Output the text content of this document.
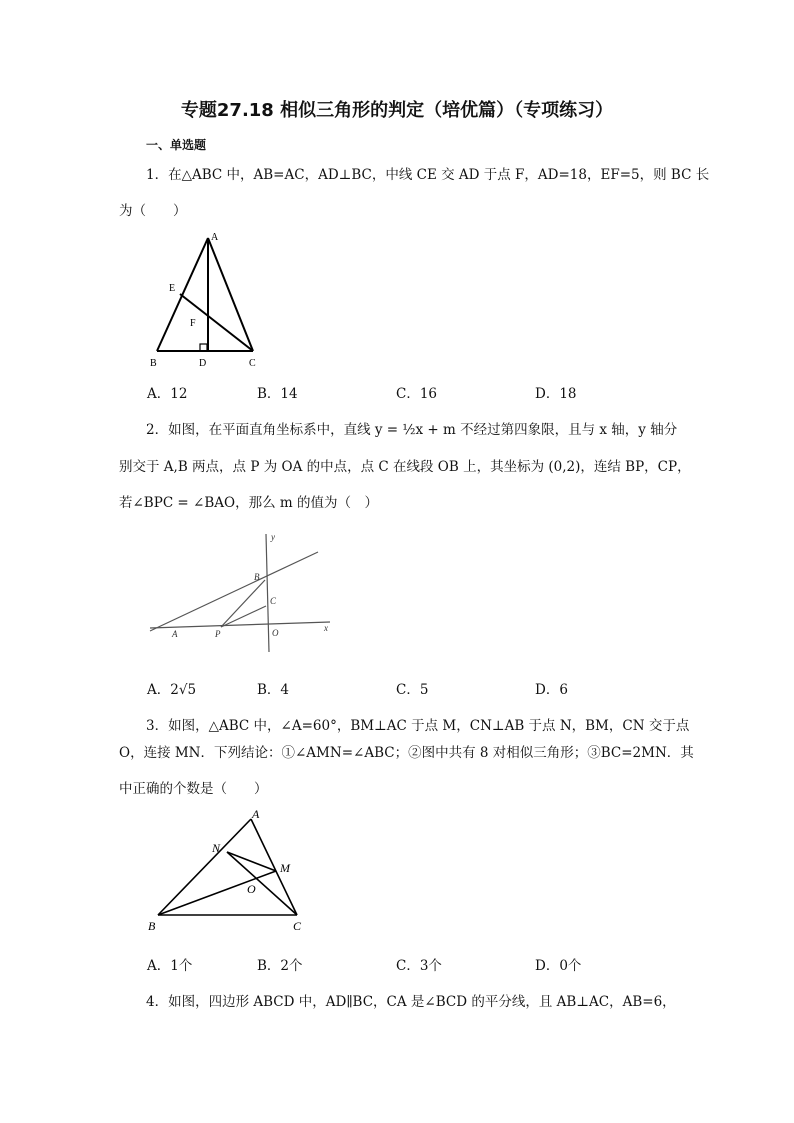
专题27.18 相似三角形的判定（培优篇）（专项练习）
一、单选题
1．在△ABC 中，AB=AC，AD⊥BC，中线 CE 交 AD 于点 F，AD=18，EF=5，则 BC 长
为（　　）
A
E
F
B	D	C
A．12	B．14	C．16	D．18
2．如图，在平面直角坐标系中，直线 y = ½x + m 不经过第四象限，且与 x 轴，y 轴分
别交于 A,B 两点，点 P 为 OA 的中点，点 C 在线段 OB 上，其坐标为 (0,2)，连结 BP，CP，
若∠BPC = ∠BAO，那么 m 的值为（　）
y
B
C
A	P	O	x
A．2√5	B．4	C．5	D．6
3．如图，△ABC 中，∠A=60°，BM⊥AC 于点 M，CN⊥AB 于点 N，BM，CN 交于点
O，连接 MN．下列结论：①∠AMN=∠ABC；②图中共有 8 对相似三角形；③BC=2MN．其
中正确的个数是（　　）
A
N
M
O
B	C
A．1个	B．2个	C．3个	D．0个
4．如图，四边形 ABCD 中，AD∥BC，CA 是∠BCD 的平分线，且 AB⊥AC，AB=6，
